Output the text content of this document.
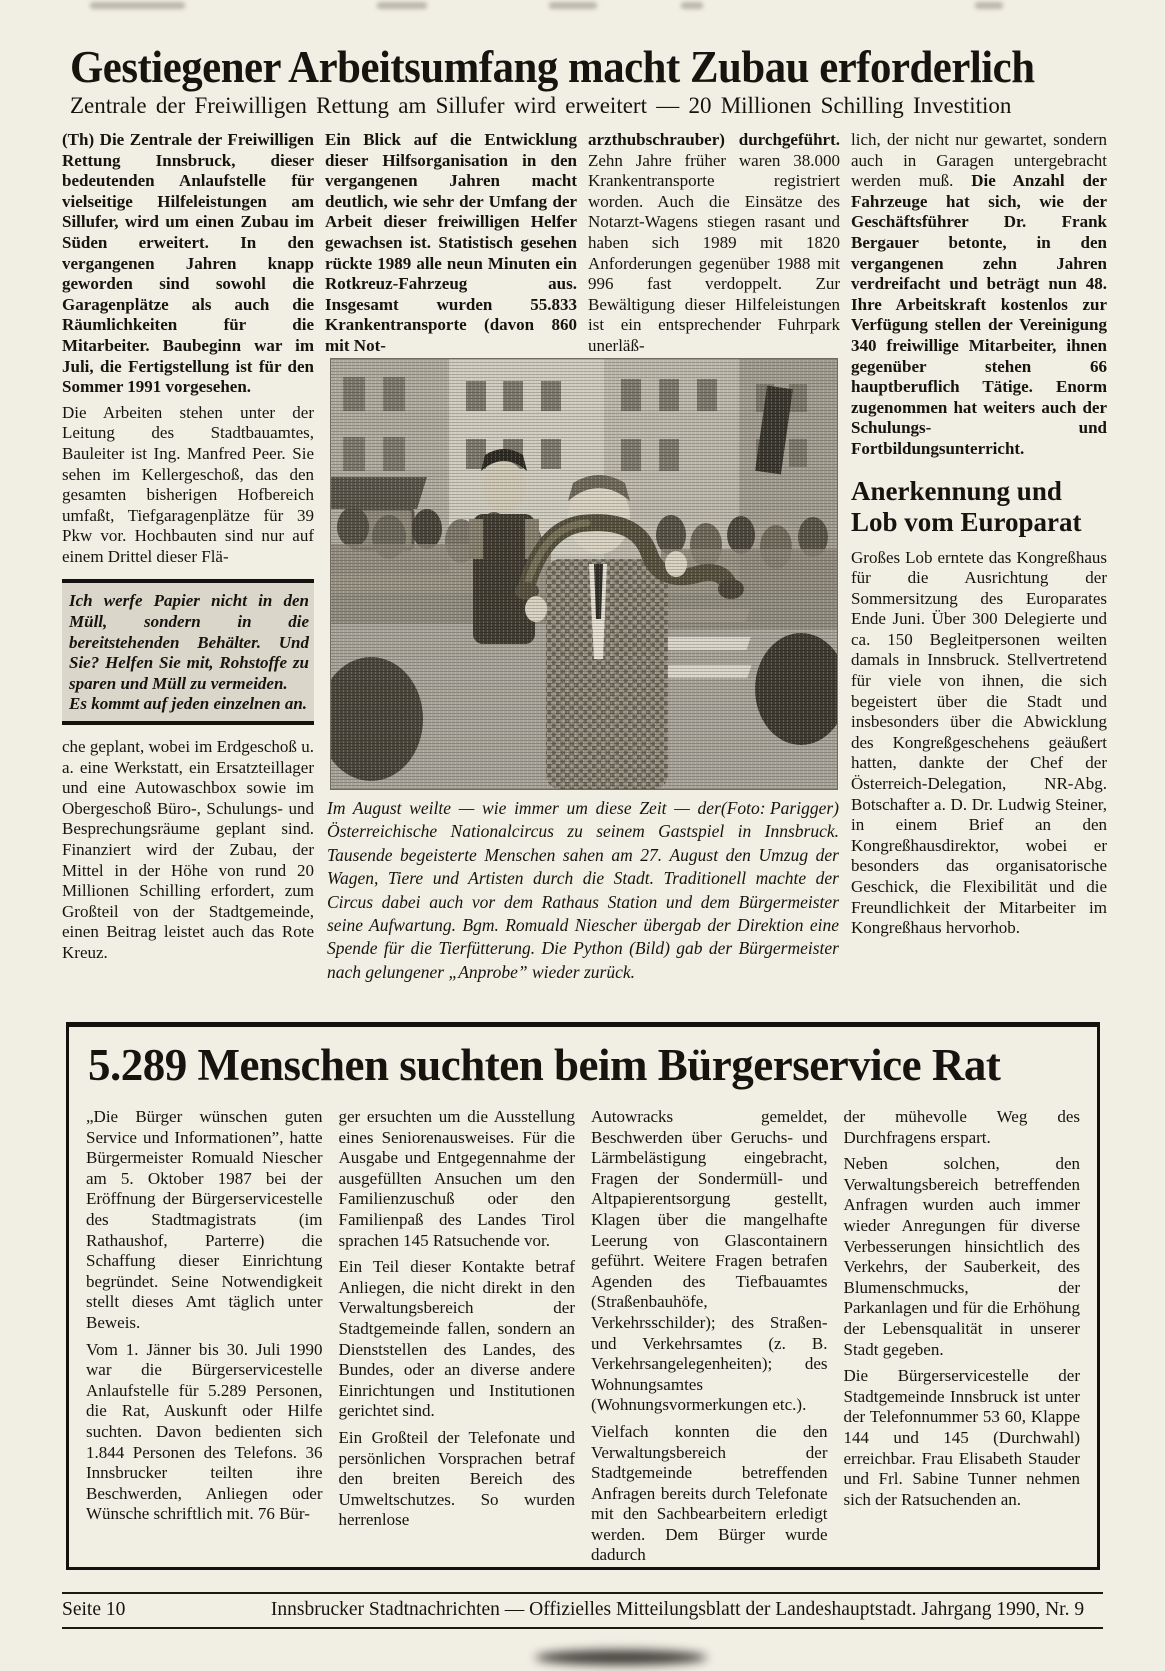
Gestiegener Arbeitsumfang macht Zubau erforderlich
Zentrale der Freiwilligen Rettung am Sillufer wird erweitert — 20 Millionen Schilling Investition

(Th) Die Zentrale der Freiwilligen Rettung Innsbruck, dieser bedeutenden Anlaufstelle für vielseitige Hilfeleistungen am Sillufer, wird um einen Zubau im Süden erweitert. In den vergangenen Jahren knapp geworden sind sowohl die Garagenplätze als auch die Räumlichkeiten für die Mitarbeiter. Baubeginn war im Juli, die Fertigstellung ist für den Sommer 1991 vorgesehen.

Die Arbeiten stehen unter der Leitung des Stadtbauamtes, Bauleiter ist Ing. Manfred Peer. Sie sehen im Kellergeschoß, das den gesamten bisherigen Hofbereich umfaßt, Tiefgaragenplätze für 39 Pkw vor. Hochbauten sind nur auf einem Drittel dieser Flä-

Ich werfe Papier nicht in den Müll, sondern in die bereitstehenden Behälter. Und Sie? Helfen Sie mit, Rohstoffe zu sparen und Müll zu vermeiden.

Es kommt auf jeden einzelnen an.

che geplant, wobei im Erdgeschoß u. a. eine Werkstatt, ein Ersatzteillager und eine Autowaschbox sowie im Obergeschoß Büro-, Schulungs- und Besprechungsräume geplant sind. Finanziert wird der Zubau, der Mittel in der Höhe von rund 20 Millionen Schilling erfordert, zum Großteil von der Stadtgemeinde, einen Beitrag leistet auch das Rote Kreuz.

Ein Blick auf die Entwicklung dieser Hilfsorganisation in den vergangenen Jahren macht deutlich, wie sehr der Umfang der Arbeit dieser freiwilligen Helfer gewachsen ist. Statistisch gesehen rückte 1989 alle neun Minuten ein Rotkreuz-Fahrzeug aus. Insgesamt wurden 55.833 Krankentransporte (davon 860 mit Not-

arzthubschrauber) durchgeführt. Zehn Jahre früher waren 38.000 Krankentransporte registriert worden. Auch die Einsätze des Notarzt-Wagens stiegen rasant und haben sich 1989 mit 1820 Anforderungen gegenüber 1988 mit 996 fast verdoppelt. Zur Bewältigung dieser Hilfeleistungen ist ein entsprechender Fuhrpark unerläß-

lich, der nicht nur gewartet, sondern auch in Garagen untergebracht werden muß. Die Anzahl der Fahrzeuge hat sich, wie der Geschäftsführer Dr. Frank Bergauer betonte, in den vergangenen zehn Jahren verdreifacht und beträgt nun 48. Ihre Arbeitskraft kostenlos zur Verfügung stellen der Vereinigung 340 freiwillige Mitarbeiter, ihnen gegenüber stehen 66 hauptberuflich Tätige. Enorm zugenommen hat weiters auch der Schulungs- und Fortbildungsunterricht.

Anerkennung und Lob vom Europarat

Großes Lob erntete das Kongreßhaus für die Ausrichtung der Sommersitzung des Europarates Ende Juni. Über 300 Delegierte und ca. 150 Begleitpersonen weilten damals in Innsbruck. Stellvertretend für viele von ihnen, die sich begeistert über die Stadt und insbesonders über die Abwicklung des Kongreßgeschehens geäußert hatten, dankte der Chef der Österreich-Delegation, NR-Abg. Botschafter a. D. Dr. Ludwig Steiner, in einem Brief an den Kongreßhausdirektor, wobei er besonders das organisatorische Geschick, die Flexibilität und die Freundlichkeit der Mitarbeiter im Kongreßhaus hervorhob.

(Foto: Parigger)
Im August weilte — wie immer um diese Zeit — der Österreichische Nationalcircus zu seinem Gastspiel in Innsbruck. Tausende begeisterte Menschen sahen am 27. August den Umzug der Wagen, Tiere und Artisten durch die Stadt. Traditionell machte der Circus dabei auch vor dem Rathaus Station und dem Bürgermeister seine Aufwartung. Bgm. Romuald Niescher übergab der Direktion eine Spende für die Tierfütterung. Die Python (Bild) gab der Bürgermeister nach gelungener „Anprobe” wieder zurück.
5.289 Menschen suchten beim Bürgerservice Rat

„Die Bürger wünschen guten Service und Informationen”, hatte Bürgermeister Romuald Niescher am 5. Oktober 1987 bei der Eröffnung der Bürgerservicestelle des Stadtmagistrats (im Rathaushof, Parterre) die Schaffung dieser Einrichtung begründet. Seine Notwendigkeit stellt dieses Amt täglich unter Beweis.

Vom 1. Jänner bis 30. Juli 1990 war die Bürgerservicestelle Anlaufstelle für 5.289 Personen, die Rat, Auskunft oder Hilfe suchten. Davon bedienten sich 1.844 Personen des Telefons. 36 Innsbrucker teilten ihre Beschwerden, Anliegen oder Wünsche schriftlich mit. 76 Bür-

ger ersuchten um die Ausstellung eines Seniorenausweises. Für die Ausgabe und Entgegennahme der ausgefüllten Ansuchen um den Familienzuschuß oder den Familienpaß des Landes Tirol sprachen 145 Ratsuchende vor.

Ein Teil dieser Kontakte betraf Anliegen, die nicht direkt in den Verwaltungsbereich der Stadtgemeinde fallen, sondern an Dienststellen des Landes, des Bundes, oder an diverse andere Einrichtungen und Institutionen gerichtet sind.

Ein Großteil der Telefonate und persönlichen Vorsprachen betraf den breiten Bereich des Umweltschutzes. So wurden herrenlose

Autowracks gemeldet, Beschwerden über Geruchs- und Lärmbelästigung eingebracht, Fragen der Sondermüll- und Altpapierentsorgung gestellt, Klagen über die mangelhafte Leerung von Glascontainern geführt. Weitere Fragen betrafen Agenden des Tiefbauamtes (Straßenbauhöfe, Verkehrsschilder); des Straßen- und Verkehrsamtes (z. B. Verkehrsangelegenheiten); des Wohnungsamtes (Wohnungsvormerkungen etc.).

Vielfach konnten die den Verwaltungsbereich der Stadtgemeinde betreffenden Anfragen bereits durch Telefonate mit den Sachbearbeitern erledigt werden. Dem Bürger wurde dadurch

der mühevolle Weg des Durchfragens erspart.

Neben solchen, den Verwaltungsbereich betreffenden Anfragen wurden auch immer wieder Anregungen für diverse Verbesserungen hinsichtlich des Verkehrs, der Sauberkeit, des Blumenschmucks, der Parkanlagen und für die Erhöhung der Lebensqualität in unserer Stadt gegeben.

Die Bürgerservicestelle der Stadtgemeinde Innsbruck ist unter der Telefonnummer 53 60, Klappe 144 und 145 (Durchwahl) erreichbar. Frau Elisabeth Stauder und Frl. Sabine Tunner nehmen sich der Ratsuchenden an.

Seite 10	Innsbrucker Stadtnachrichten — Offizielles Mitteilungsblatt der Landeshauptstadt. Jahrgang 1990, Nr. 9
